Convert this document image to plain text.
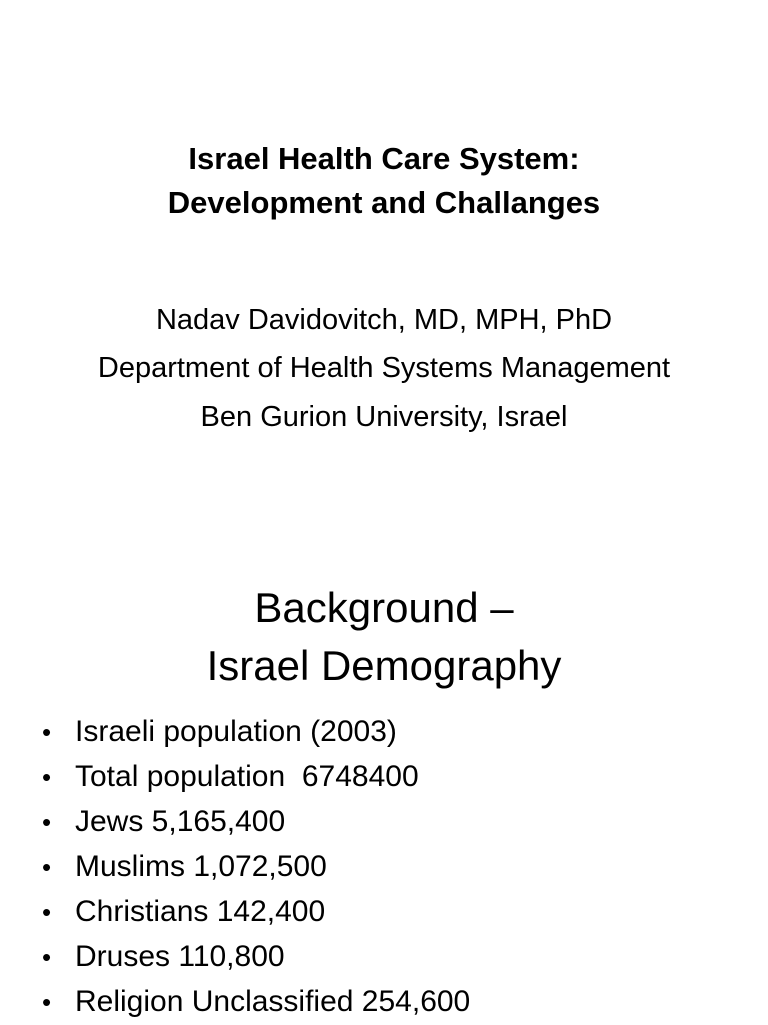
Israel Health Care System:
Development and Challanges
Nadav Davidovitch, MD, MPH, PhD
Department of Health Systems Management
Ben Gurion University, Israel
Background –
Israel Demography
• Israeli population (2003)
• Total population  6748400
• Jews 5,165,400
• Muslims 1,072,500
• Christians 142,400
• Druses 110,800
• Religion Unclassified 254,600
